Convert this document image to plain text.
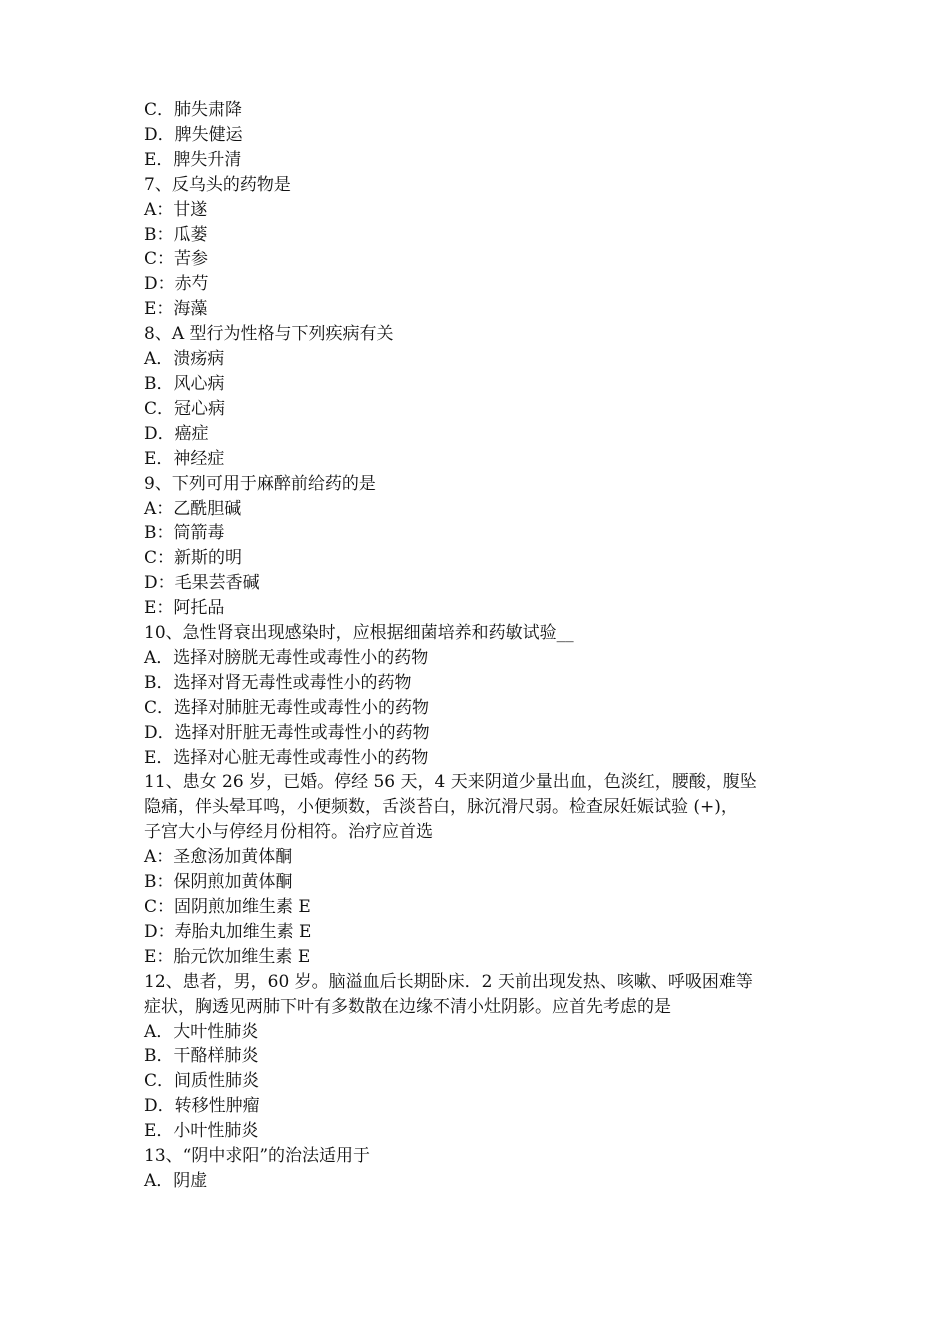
C．肺失肃降

D．脾失健运

E．脾失升清

7、反乌头的药物是

A：甘遂

B：瓜蒌

C：苦参

D：赤芍

E：海藻

8、A 型行为性格与下列疾病有关

A．溃疡病

B．风心病

C．冠心病

D．癌症

E．神经症

9、下列可用于麻醉前给药的是

A：乙酰胆碱

B：筒箭毒

C：新斯的明

D：毛果芸香碱

E：阿托品

10、急性肾衰出现感染时，应根据细菌培养和药敏试验__

A．选择对膀胱无毒性或毒性小的药物

B．选择对肾无毒性或毒性小的药物

C．选择对肺脏无毒性或毒性小的药物

D．选择对肝脏无毒性或毒性小的药物

E．选择对心脏无毒性或毒性小的药物

11、患女 26 岁，已婚。停经 56 天，4 天来阴道少量出血，色淡红，腰酸，腹坠

隐痛，伴头晕耳鸣，小便频数，舌淡苔白，脉沉滑尺弱。检查尿妊娠试验 (+)，

子宫大小与停经月份相符。治疗应首选

A：圣愈汤加黄体酮

B：保阴煎加黄体酮

C：固阴煎加维生素 E

D：寿胎丸加维生素 E

E：胎元饮加维生素 E

12、患者，男，60 岁。脑溢血后长期卧床．2 天前出现发热、咳嗽、呼吸困难等

症状，胸透见两肺下叶有多数散在边缘不清小灶阴影。应首先考虑的是

A．大叶性肺炎

B．干酪样肺炎

C．间质性肺炎

D．转移性肿瘤

E．小叶性肺炎

13、“阴中求阳”的治法适用于

A．阴虚
